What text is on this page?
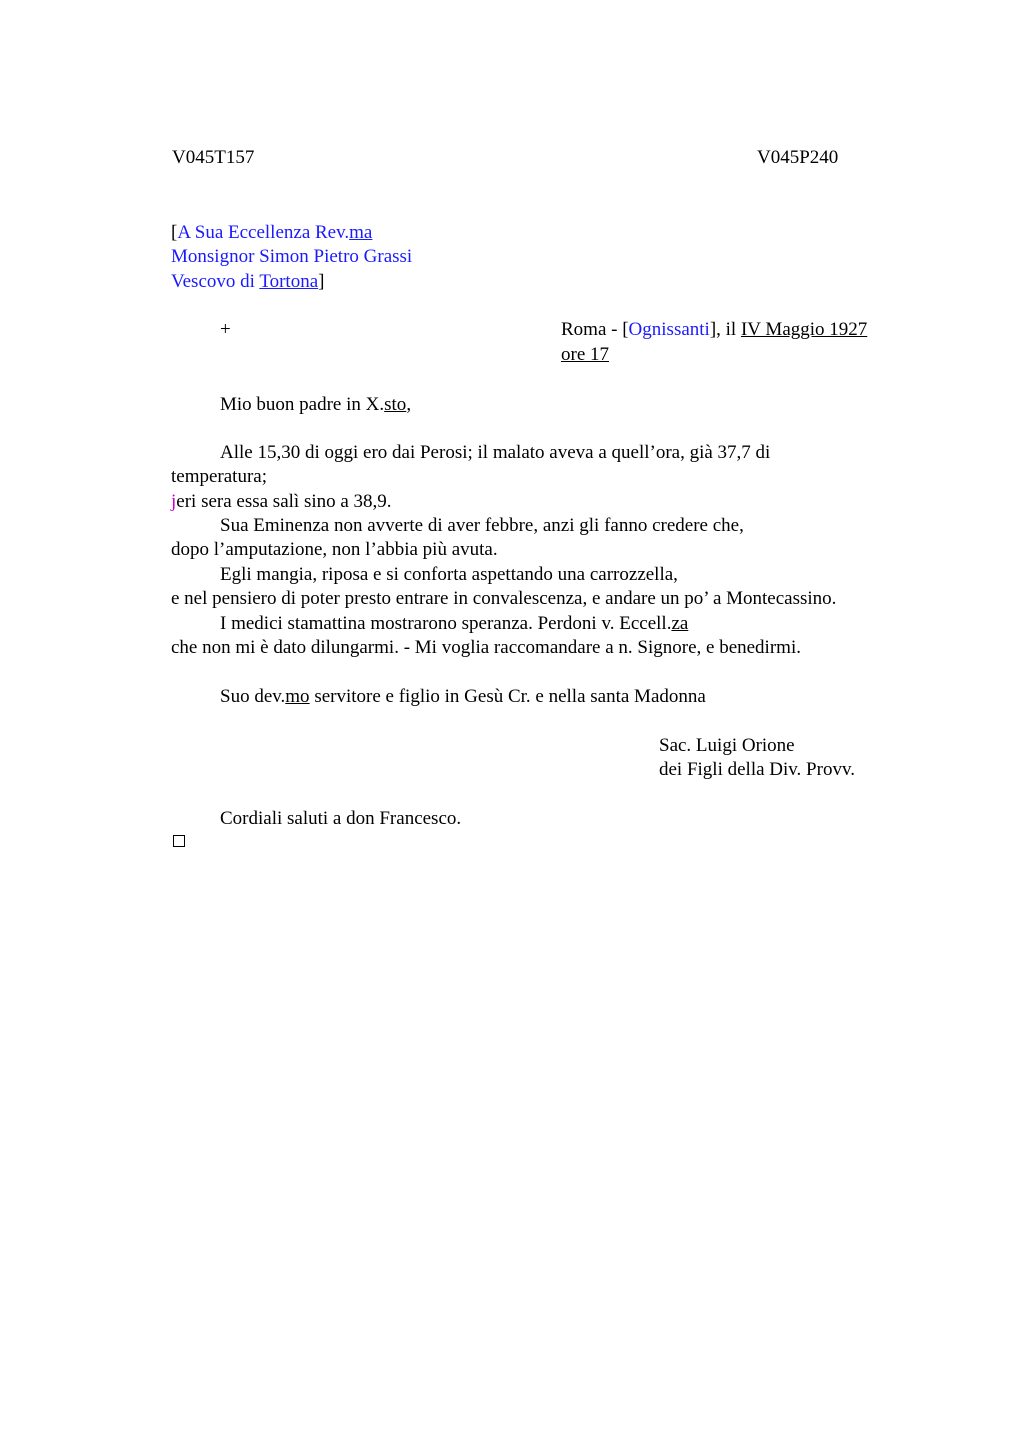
V045T157	V045P240
[A Sua Eccellenza Rev.ma
Monsignor Simon Pietro Grassi
Vescovo di Tortona]
+	Roma - [Ognissanti], il IV Maggio 1927
ore 17
Mio buon padre in X.sto,
Alle 15,30 di oggi ero dai Perosi; il malato aveva a quell’ora, già 37,7 di
temperatura;
jeri sera essa salì sino a 38,9.
Sua Eminenza non avverte di aver febbre, anzi gli fanno credere che,
dopo l’amputazione, non l’abbia più avuta.
Egli mangia, riposa e si conforta aspettando una carrozzella,
e nel pensiero di poter presto entrare in convalescenza, e andare un po’ a Montecassino.
I medici stamattina mostrarono speranza. Perdoni v. Eccell.za
che non mi è dato dilungarmi. - Mi voglia raccomandare a n. Signore, e benedirmi.
Suo dev.mo servitore e figlio in Gesù Cr. e nella santa Madonna
Sac. Luigi Orione
dei Figli della Div. Provv.
Cordiali saluti a don Francesco.
